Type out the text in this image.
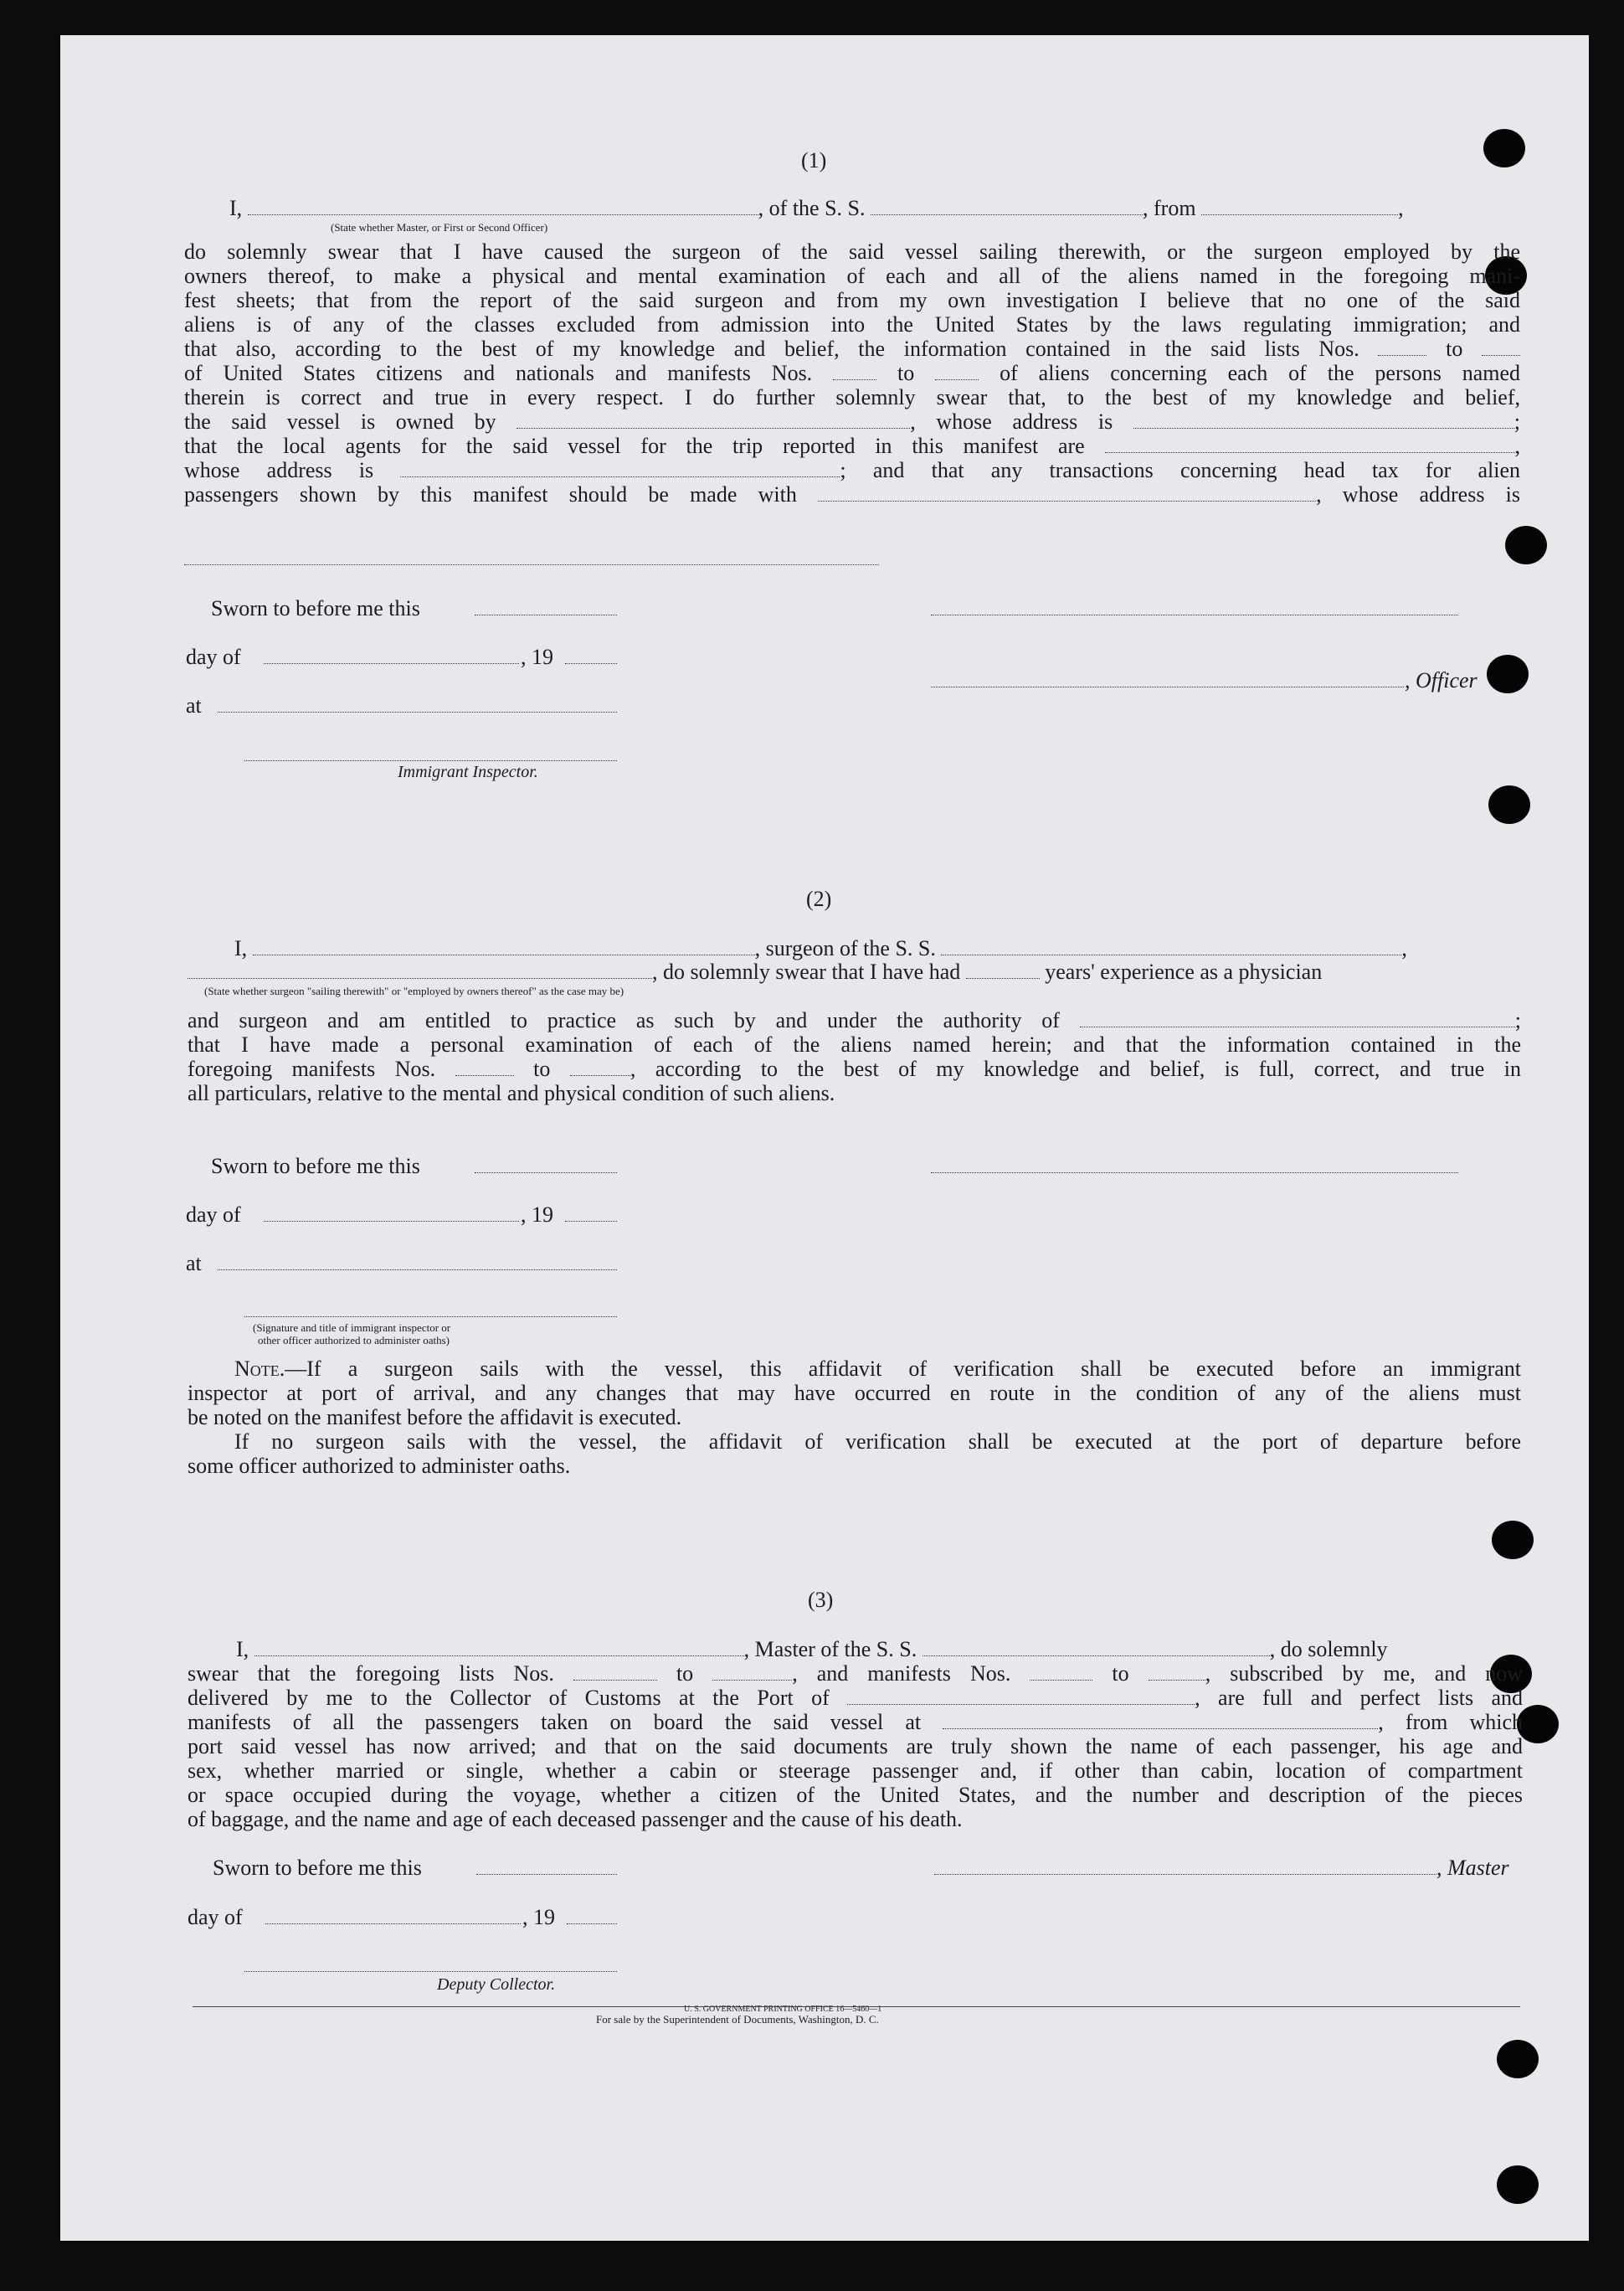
(1)
I,	, of the S. S.	, from	,
(State whether Master, or First or Second Officer)
do solemnly swear that I have caused the surgeon of the said vessel sailing therewith, or the surgeon employed by the
owners thereof, to make a physical and mental examination of each and all of the aliens named in the foregoing mani-
fest sheets; that from the report of the said surgeon and from my own investigation I believe that no one of the said
aliens is of any of the classes excluded from admission into the United States by the laws regulating immigration; and
that also, according to the best of my knowledge and belief, the information contained in the said lists Nos.	to
of United States citizens and nationals and manifests Nos.	to	of aliens concerning each of the persons named
therein is correct and true in every respect. I do further solemnly swear that, to the best of my knowledge and belief,
the said vessel is owned by	, whose address is	;
that the local agents for the said vessel for the trip reported in this manifest are	,
whose address is	; and that any transactions concerning head tax for alien
passengers shown by this manifest should be made with	, whose address is
Sworn to before me this
day of	, 19
, Officer
at
Immigrant Inspector.
(2)
I,	, surgeon of the S. S.	,
, do solemnly swear that I have had	years' experience as a physician
(State whether surgeon "sailing therewith" or "employed by owners thereof" as the case may be)
and surgeon and am entitled to practice as such by and under the authority of	;
that I have made a personal examination of each of the aliens named herein; and that the information contained in the
foregoing manifests Nos.	to	, according to the best of my knowledge and belief, is full, correct, and true in
all particulars, relative to the mental and physical condition of such aliens.
Sworn to before me this
day of	, 19
at
(Signature and title of immigrant inspector or
other officer authorized to administer oaths)
Note.—If a surgeon sails with the vessel, this affidavit of verification shall be executed before an immigrant
inspector at port of arrival, and any changes that may have occurred en route in the condition of any of the aliens must
be noted on the manifest before the affidavit is executed.
If no surgeon sails with the vessel, the affidavit of verification shall be executed at the port of departure before
some officer authorized to administer oaths.
(3)
I,	, Master of the S. S.	, do solemnly
swear that the foregoing lists Nos.	to	, and manifests Nos.	to	, subscribed by me, and now
delivered by me to the Collector of Customs at the Port of	, are full and perfect lists and
manifests of all the passengers taken on board the said vessel at	, from which
port said vessel has now arrived; and that on the said documents are truly shown the name of each passenger, his age and
sex, whether married or single, whether a cabin or steerage passenger and, if other than cabin, location of compartment
or space occupied during the voyage, whether a citizen of the United States, and the number and description of the pieces
of baggage, and the name and age of each deceased passenger and the cause of his death.
Sworn to before me this	, Master
day of	, 19
Deputy Collector.
U. S. GOVERNMENT PRINTING OFFICE 16—5460—1
For sale by the Superintendent of Documents, Washington, D. C.
